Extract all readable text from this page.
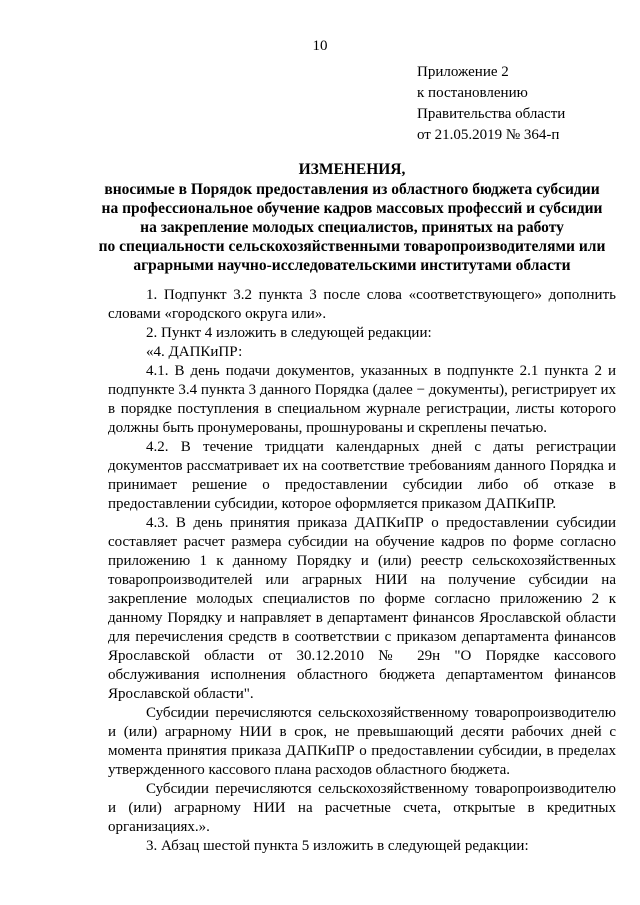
10
Приложение 2
к постановлению
Правительства области
от 21.05.2019 № 364-п
ИЗМЕНЕНИЯ,
вносимые в Порядок предоставления из областного бюджета субсидии
на профессиональное обучение кадров массовых профессий и субсидии
на закрепление молодых специалистов, принятых на работу
по специальности сельскохозяйственными товаропроизводителями или
аграрными научно-исследовательскими институтами области

1. Подпункт 3.2 пункта 3 после слова «соответствующего» дополнить словами «городского округа или».

2. Пункт 4 изложить в следующей редакции:

«4. ДАПКиПР:

4.1. В день подачи документов, указанных в подпункте 2.1 пункта 2 и подпункте 3.4 пункта 3 данного Порядка (далее − документы), регистрирует их в порядке поступления в специальном журнале регистрации, листы которого должны быть пронумерованы, прошнурованы и скреплены печатью.

4.2. В течение тридцати календарных дней с даты регистрации документов рассматривает их на соответствие требованиям данного Порядка и принимает решение о предоставлении субсидии либо об отказе в предоставлении субсидии, которое оформляется приказом ДАПКиПР.

4.3. В день принятия приказа ДАПКиПР о предоставлении субсидии составляет расчет размера субсидии на обучение кадров по форме согласно приложению 1 к данному Порядку и (или) реестр сельскохозяйственных товаропроизводителей или аграрных НИИ на получение субсидии на закрепление молодых специалистов по форме согласно приложению 2 к данному Порядку и направляет в департамент финансов Ярославской области для перечисления средств в соответствии с приказом департамента финансов Ярославской области от 30.12.2010 № 29н "О Порядке кассового обслуживания исполнения областного бюджета департаментом финансов Ярославской области".

Субсидии перечисляются сельскохозяйственному товаропроизводителю и (или) аграрному НИИ в срок, не превышающий десяти рабочих дней с момента принятия приказа ДАПКиПР о предоставлении субсидии, в пределах утвержденного кассового плана расходов областного бюджета.

Субсидии перечисляются сельскохозяйственному товаропроизводителю и (или) аграрному НИИ на расчетные счета, открытые в кредитных организациях.».

3. Абзац шестой пункта 5 изложить в следующей редакции:
